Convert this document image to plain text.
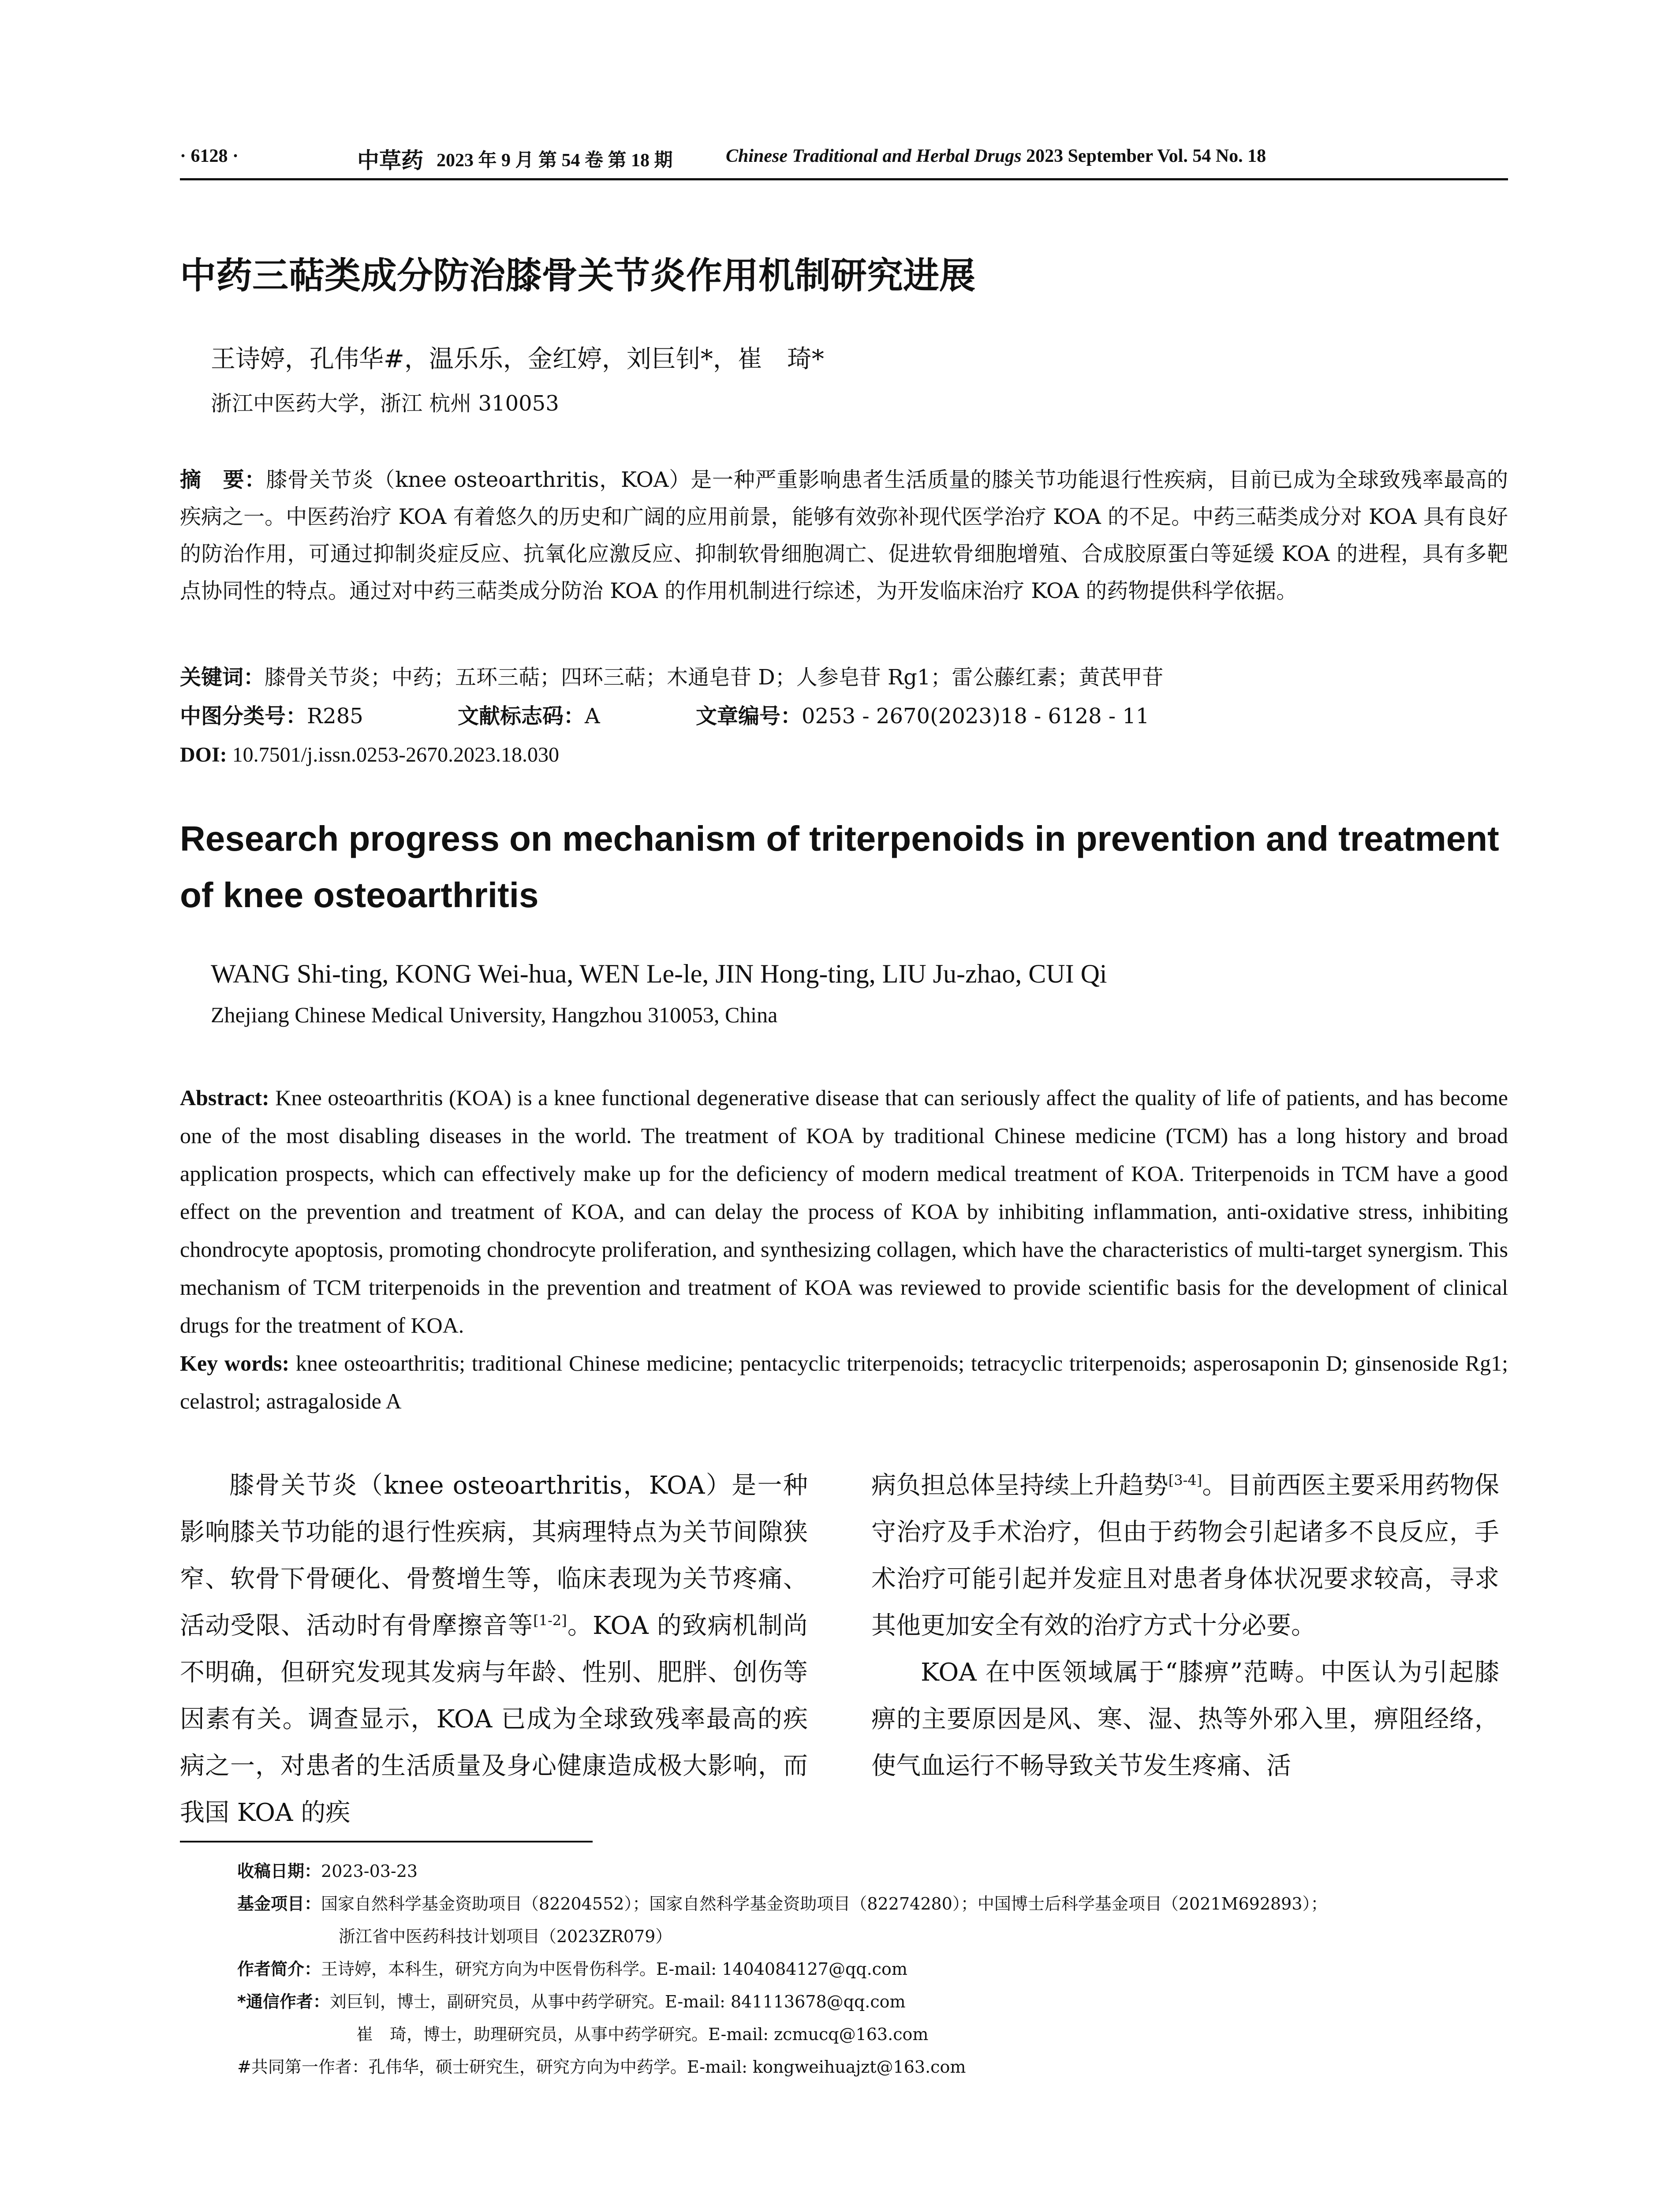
· 6128 ·	中草药 2023 年 9 月 第 54 卷 第 18 期	Chinese Traditional and Herbal Drugs 2023 September Vol. 54 No. 18
中药三萜类成分防治膝骨关节炎作用机制研究进展
王诗婷，孔伟华#，温乐乐，金红婷，刘巨钊*，崔　琦*
浙江中医药大学，浙江 杭州 310053
摘　要：膝骨关节炎（knee osteoarthritis，KOA）是一种严重影响患者生活质量的膝关节功能退行性疾病，目前已成为全球致残率最高的疾病之一。中医药治疗 KOA 有着悠久的历史和广阔的应用前景，能够有效弥补现代医学治疗 KOA 的不足。中药三萜类成分对 KOA 具有良好的防治作用，可通过抑制炎症反应、抗氧化应激反应、抑制软骨细胞凋亡、促进软骨细胞增殖、合成胶原蛋白等延缓 KOA 的进程，具有多靶点协同性的特点。通过对中药三萜类成分防治 KOA 的作用机制进行综述，为开发临床治疗 KOA 的药物提供科学依据。
关键词：膝骨关节炎；中药；五环三萜；四环三萜；木通皂苷 D；人参皂苷 Rg1；雷公藤红素；黄芪甲苷
中图分类号：R285	文献标志码：A	文章编号：0253 - 2670(2023)18 - 6128 - 11
DOI: 10.7501/j.issn.0253-2670.2023.18.030
Research progress on mechanism of triterpenoids in prevention and treatment of knee osteoarthritis
WANG Shi-ting, KONG Wei-hua, WEN Le-le, JIN Hong-ting, LIU Ju-zhao, CUI Qi
Zhejiang Chinese Medical University, Hangzhou 310053, China
Abstract: Knee osteoarthritis (KOA) is a knee functional degenerative disease that can seriously affect the quality of life of patients, and has become one of the most disabling diseases in the world. The treatment of KOA by traditional Chinese medicine (TCM) has a long history and broad application prospects, which can effectively make up for the deficiency of modern medical treatment of KOA. Triterpenoids in TCM have a good effect on the prevention and treatment of KOA, and can delay the process of KOA by inhibiting inflammation, anti-oxidative stress, inhibiting chondrocyte apoptosis, promoting chondrocyte proliferation, and synthesizing collagen, which have the characteristics of multi-target synergism. This mechanism of TCM triterpenoids in the prevention and treatment of KOA was reviewed to provide scientific basis for the development of clinical drugs for the treatment of KOA.
Key words: knee osteoarthritis; traditional Chinese medicine; pentacyclic triterpenoids; tetracyclic triterpenoids; asperosaponin D; ginsenoside Rg1; celastrol; astragaloside A

膝骨关节炎（knee osteoarthritis，KOA）是一种影响膝关节功能的退行性疾病，其病理特点为关节间隙狭窄、软骨下骨硬化、骨赘增生等，临床表现为关节疼痛、活动受限、活动时有骨摩擦音等[1-2]。KOA 的致病机制尚不明确，但研究发现其发病与年龄、性别、肥胖、创伤等因素有关。调查显示，KOA 已成为全球致残率最高的疾病之一，对患者的生活质量及身心健康造成极大影响，而我国 KOA 的疾

病负担总体呈持续上升趋势[3-4]。目前西医主要采用药物保守治疗及手术治疗，但由于药物会引起诸多不良反应，手术治疗可能引起并发症且对患者身体状况要求较高，寻求其他更加安全有效的治疗方式十分必要。

KOA 在中医领域属于“膝痹”范畴。中医认为引起膝痹的主要原因是风、寒、湿、热等外邪入里，痹阻经络，使气血运行不畅导致关节发生疼痛、活

收稿日期：2023-03-23
基金项目：国家自然科学基金资助项目（82204552）；国家自然科学基金资助项目（82274280）；中国博士后科学基金项目（2021M692893）；
浙江省中医药科技计划项目（2023ZR079）
作者简介：王诗婷，本科生，研究方向为中医骨伤科学。E-mail: 1404084127@qq.com
*通信作者：刘巨钊，博士，副研究员，从事中药学研究。E-mail: 841113678@qq.com
崔　琦，博士，助理研究员，从事中药学研究。E-mail: zcmucq@163.com
#共同第一作者：孔伟华，硕士研究生，研究方向为中药学。E-mail: kongweihuajzt@163.com
